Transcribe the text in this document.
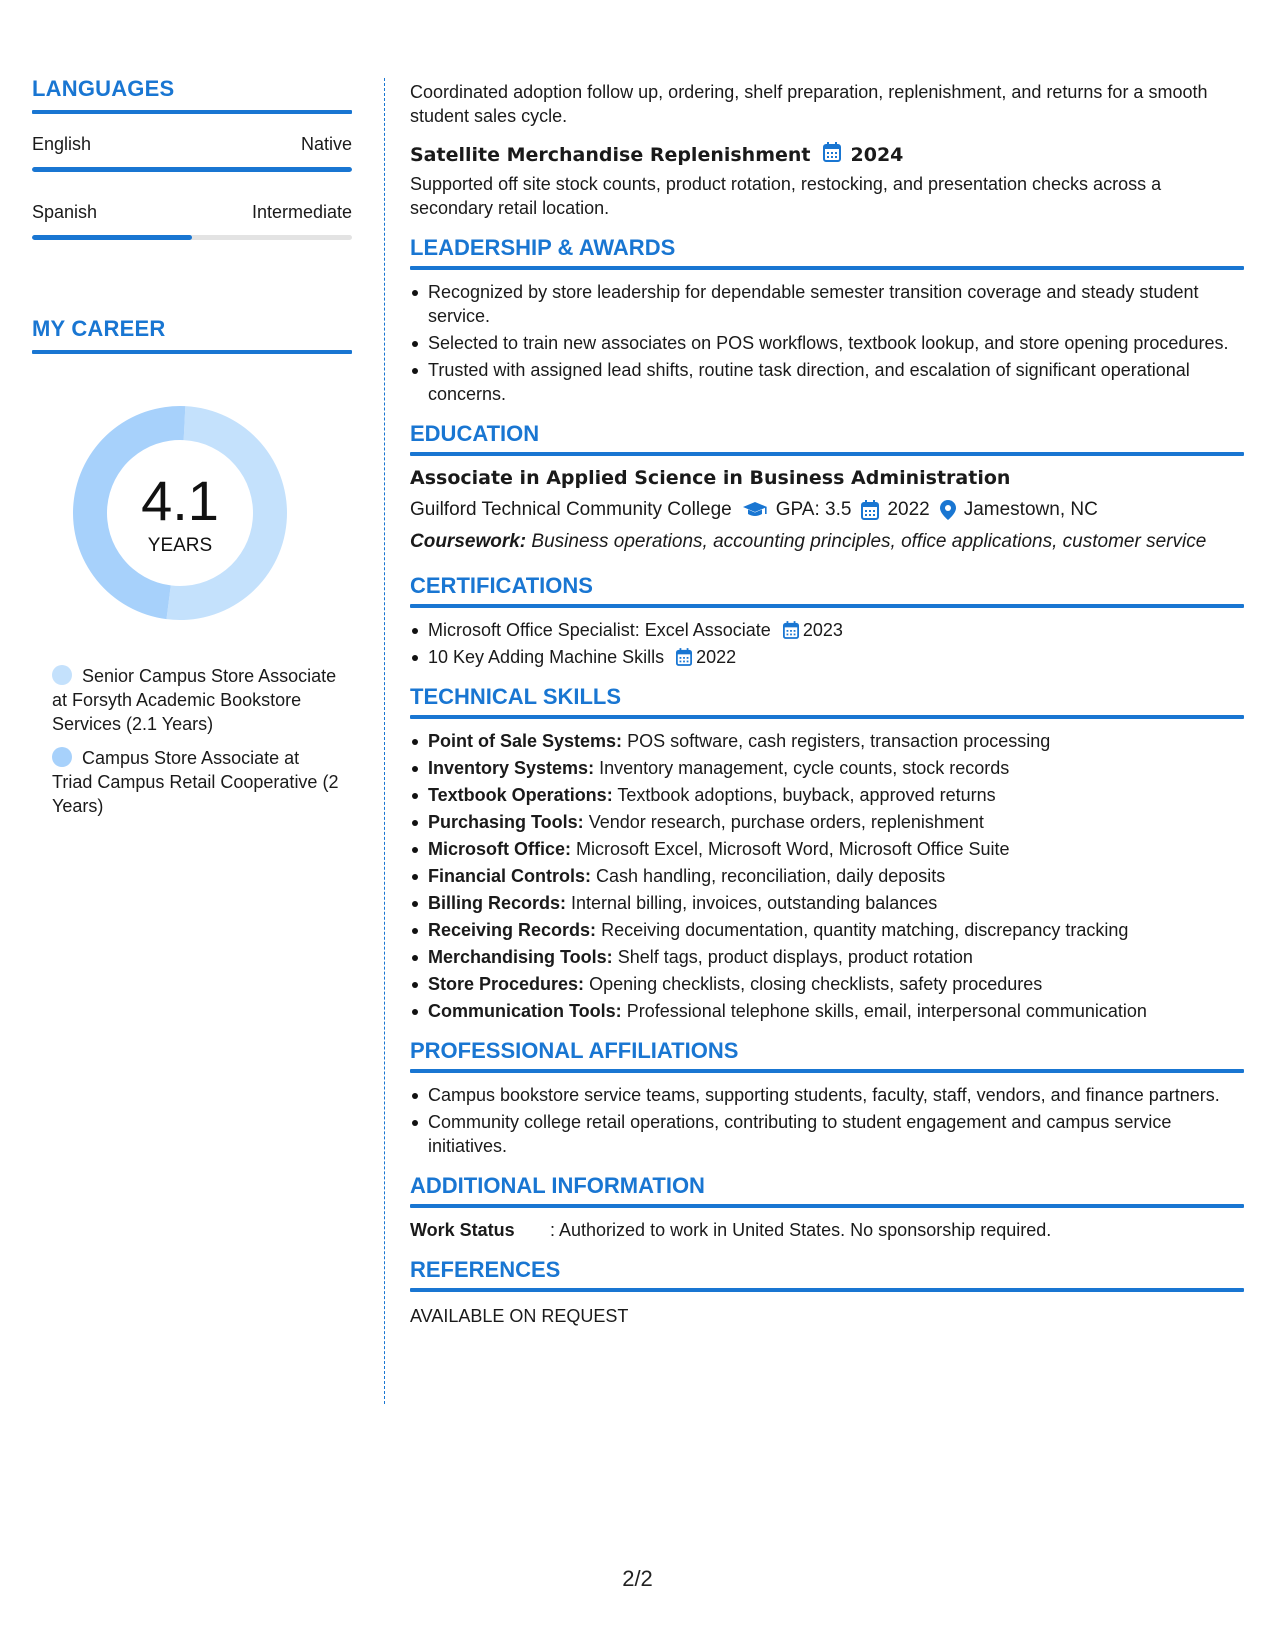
LANGUAGES
English	Native
Spanish	Intermediate
MY CAREER
4.1
YEARS
Senior Campus Store Associate at Forsyth Academic Bookstore Services (2.1 Years)
Campus Store Associate at Triad Campus Retail Cooperative (2 Years)

Coordinated adoption follow up, ordering, shelf preparation, replenishment, and returns for a smooth student sales cycle.

Satellite Merchandise Replenishment 2024

Supported off site stock counts, product rotation, restocking, and presentation checks across a secondary retail location.

LEADERSHIP & AWARDS
Recognized by store leadership for dependable semester transition coverage and steady student service.
Selected to train new associates on POS workflows, textbook lookup, and store opening procedures.
Trusted with assigned lead shifts, routine task direction, and escalation of significant operational concerns.
EDUCATION
Associate in Applied Science in Business Administration
Guilford Technical Community College GPA: 3.5 2022 Jamestown, NC
Coursework: Business operations, accounting principles, office applications, customer service
CERTIFICATIONS
Microsoft Office Specialist: Excel Associate 2023
10 Key Adding Machine Skills 2022
TECHNICAL SKILLS
Point of Sale Systems: POS software, cash registers, transaction processing
Inventory Systems: Inventory management, cycle counts, stock records
Textbook Operations: Textbook adoptions, buyback, approved returns
Purchasing Tools: Vendor research, purchase orders, replenishment
Microsoft Office: Microsoft Excel, Microsoft Word, Microsoft Office Suite
Financial Controls: Cash handling, reconciliation, daily deposits
Billing Records: Internal billing, invoices, outstanding balances
Receiving Records: Receiving documentation, quantity matching, discrepancy tracking
Merchandising Tools: Shelf tags, product displays, product rotation
Store Procedures: Opening checklists, closing checklists, safety procedures
Communication Tools: Professional telephone skills, email, interpersonal communication
PROFESSIONAL AFFILIATIONS
Campus bookstore service teams, supporting students, faculty, staff, vendors, and finance partners.
Community college retail operations, contributing to student engagement and campus service initiatives.
ADDITIONAL INFORMATION
Work Status	: Authorized to work in United States. No sponsorship required.
REFERENCES
AVAILABLE ON REQUEST
2/2
